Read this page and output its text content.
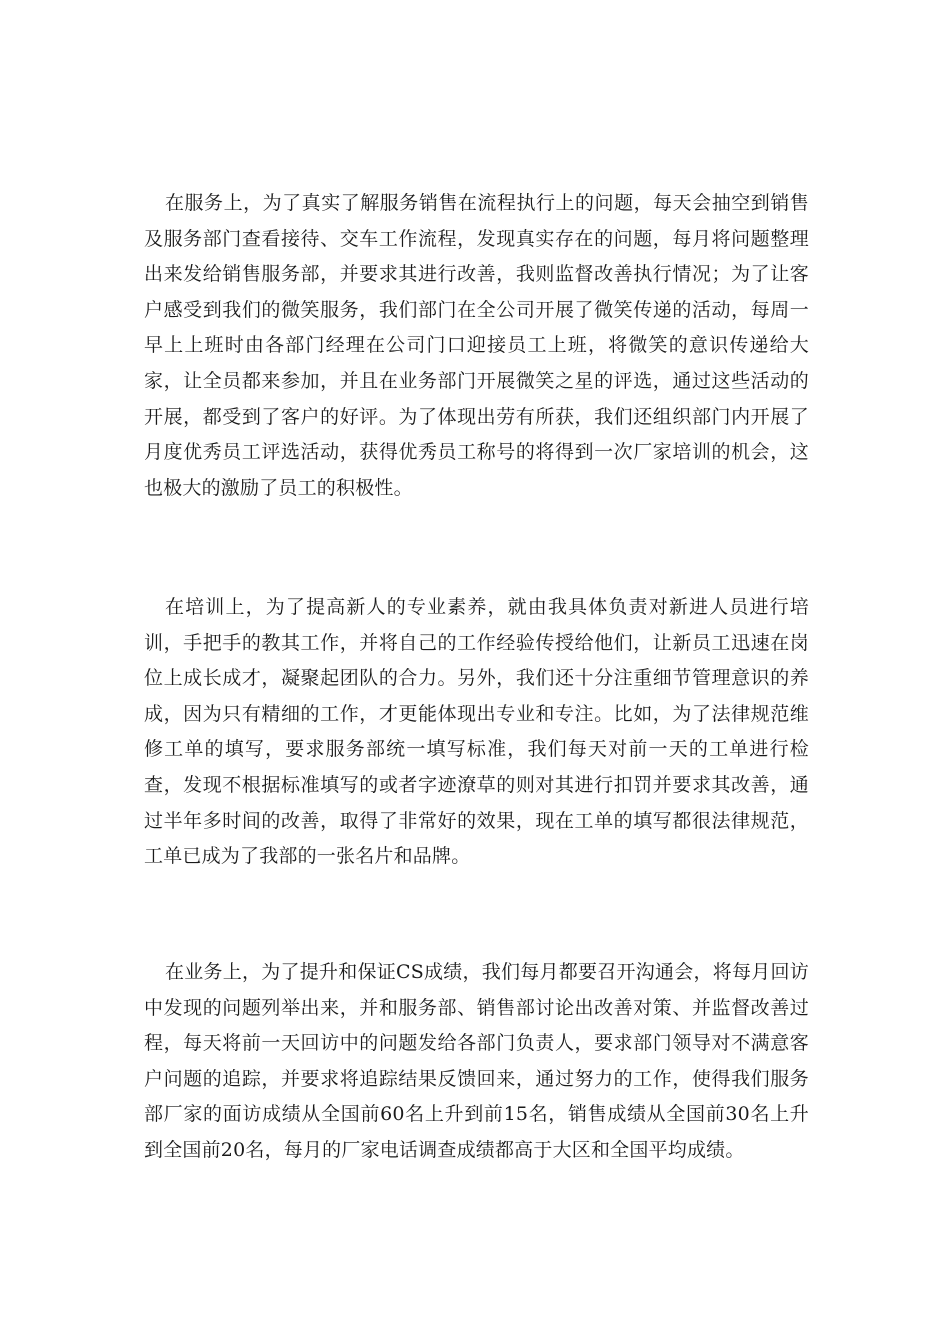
在服务上，为了真实了解服务销售在流程执行上的问题，每天会抽空到销售及服务部门查看接待、交车工作流程，发现真实存在的问题，每月将问题整理出来发给销售服务部，并要求其进行改善，我则监督改善执行情况；为了让客户感受到我们的微笑服务，我们部门在全公司开展了微笑传递的活动，每周一早上上班时由各部门经理在公司门口迎接员工上班，将微笑的意识传递给大家，让全员都来参加，并且在业务部门开展微笑之星的评选，通过这些活动的开展，都受到了客户的好评。为了体现出劳有所获，我们还组织部门内开展了月度优秀员工评选活动，获得优秀员工称号的将得到一次厂家培训的机会，这也极大的激励了员工的积极性。

在培训上，为了提高新人的专业素养，就由我具体负责对新进人员进行培训，手把手的教其工作，并将自己的工作经验传授给他们，让新员工迅速在岗位上成长成才，凝聚起团队的合力。另外，我们还十分注重细节管理意识的养成，因为只有精细的工作，才更能体现出专业和专注。比如，为了法律规范维修工单的填写，要求服务部统一填写标准，我们每天对前一天的工单进行检查，发现不根据标准填写的或者字迹潦草的则对其进行扣罚并要求其改善，通过半年多时间的改善，取得了非常好的效果，现在工单的填写都很法律规范，工单已成为了我部的一张名片和品牌。

在业务上，为了提升和保证CS成绩，我们每月都要召开沟通会，将每月回访中发现的问题列举出来，并和服务部、销售部讨论出改善对策、并监督改善过程，每天将前一天回访中的问题发给各部门负责人，要求部门领导对不满意客户问题的追踪，并要求将追踪结果反馈回来，通过努力的工作，使得我们服务部厂家的面访成绩从全国前60名上升到前15名，销售成绩从全国前30名上升到全国前20名，每月的厂家电话调查成绩都高于大区和全国平均成绩。
